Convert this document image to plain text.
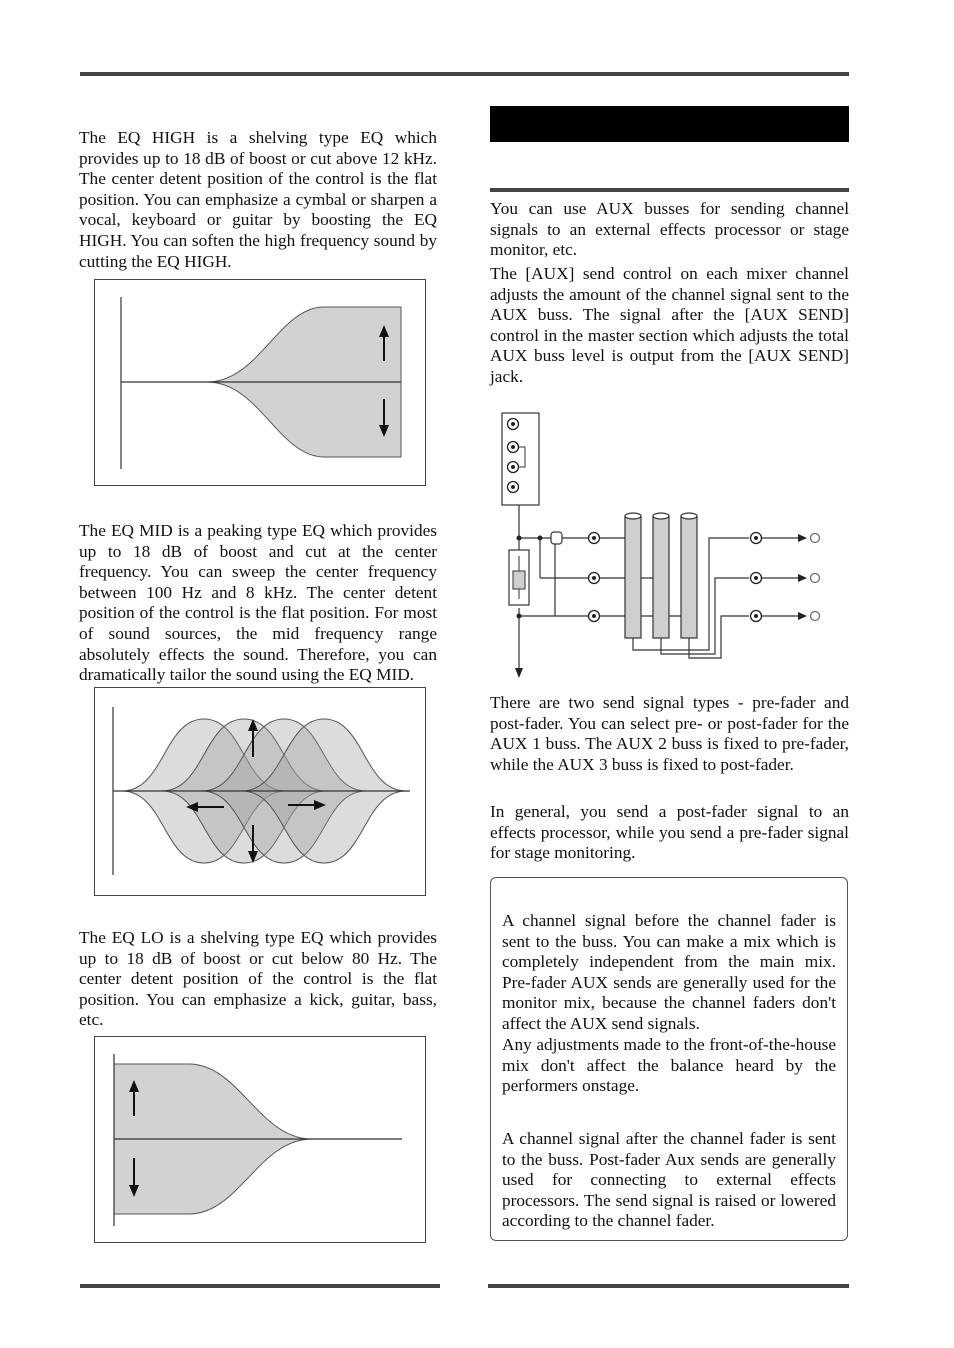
The EQ HIGH is a shelving type EQ which provides up to 18 dB of boost or cut above 12 kHz. The center detent position of the control is the flat position. You can emphasize a cymbal or sharpen a vocal, keyboard or guitar by boosting the EQ HIGH. You can soften the high frequency sound by cutting the EQ HIGH.

The EQ MID is a peaking type EQ which provides up to 18 dB of boost and cut at the center frequency. You can sweep the center frequency between 100 Hz and 8 kHz. The center detent position of the control is the flat position. For most of sound sources, the mid frequency range absolutely effects the sound. Therefore, you can dramatically tailor the sound using the EQ MID.

The EQ LO is a shelving type EQ which provides up to 18 dB of boost or cut below 80 Hz. The center detent position of the control is the flat position. You can emphasize a kick, guitar, bass, etc.

You can use AUX busses for sending channel signals to an external effects processor or stage monitor, etc.

The [AUX] send control on each mixer channel adjusts the amount of the channel signal sent to the AUX buss. The signal after the [AUX SEND] control in the master section which adjusts the total AUX buss level is output from the [AUX SEND] jack.

There are two send signal types - pre-fader and post-fader. You can select pre- or post-fader for the AUX 1 buss. The AUX 2 buss is fixed to pre-fader, while the AUX 3 buss is fixed to post-fader.

In general, you send a post-fader signal to an effects processor, while you send a pre-fader signal for stage monitoring.

A channel signal before the channel fader is sent to the buss. You can make a mix which is completely independent from the main mix. Pre-fader AUX sends are generally used for the monitor mix, because the channel faders don't affect the AUX send signals.

Any adjustments made to the front-of-the-house mix don't affect the balance heard by the performers onstage.

A channel signal after the channel fader is sent to the buss. Post-fader Aux sends are generally used for connecting to external effects processors. The send signal is raised or lowered according to the channel fader.
